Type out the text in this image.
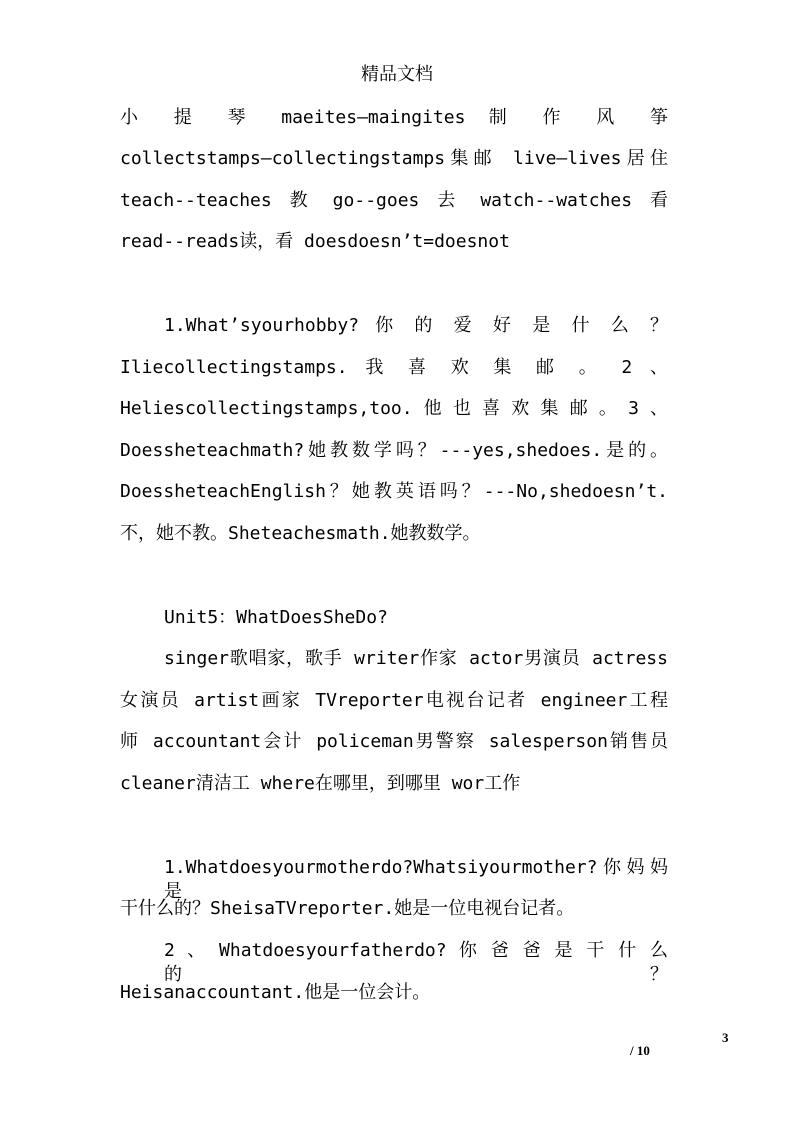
精品文档
小 提 琴 maeites—maingites 制 作 风 筝
collectstamps—collectingstamps集邮 live–lives居住
teach--teaches 教 go--goes 去 watch--watches 看
read--reads读，看 doesdoesn’t=doesnot
1.What’syourhobby? 你 的 爱 好 是 什 么 ？
Iliecollectingstamps. 我 喜 欢 集 邮 。 2 、
Heliescollectingstamps,too. 他 也 喜 欢 集 邮 。 3 、
Doessheteachmath?她教数学吗？---yes,shedoes.是的。
DoessheteachEnglish？她教英语吗？---No,shedoesn’t.
不，她不教。Sheteachesmath.她教数学。
Unit5：WhatDoesSheDo?
singer歌唱家，歌手 writer作家 actor男演员 actress
女演员 artist画家 TVreporter电视台记者 engineer工程
师 accountant会计 policeman男警察 salesperson销售员
cleaner清洁工 where在哪里，到哪里 wor工作
1.Whatdoesyourmotherdo?Whatsiyourmother?你妈妈是
干什么的？SheisaTVreporter.她是一位电视台记者。
2 、 Whatdoesyourfatherdo? 你 爸 爸 是 干 什 么 的 ？
Heisanaccountant.他是一位会计。
3
/ 10
